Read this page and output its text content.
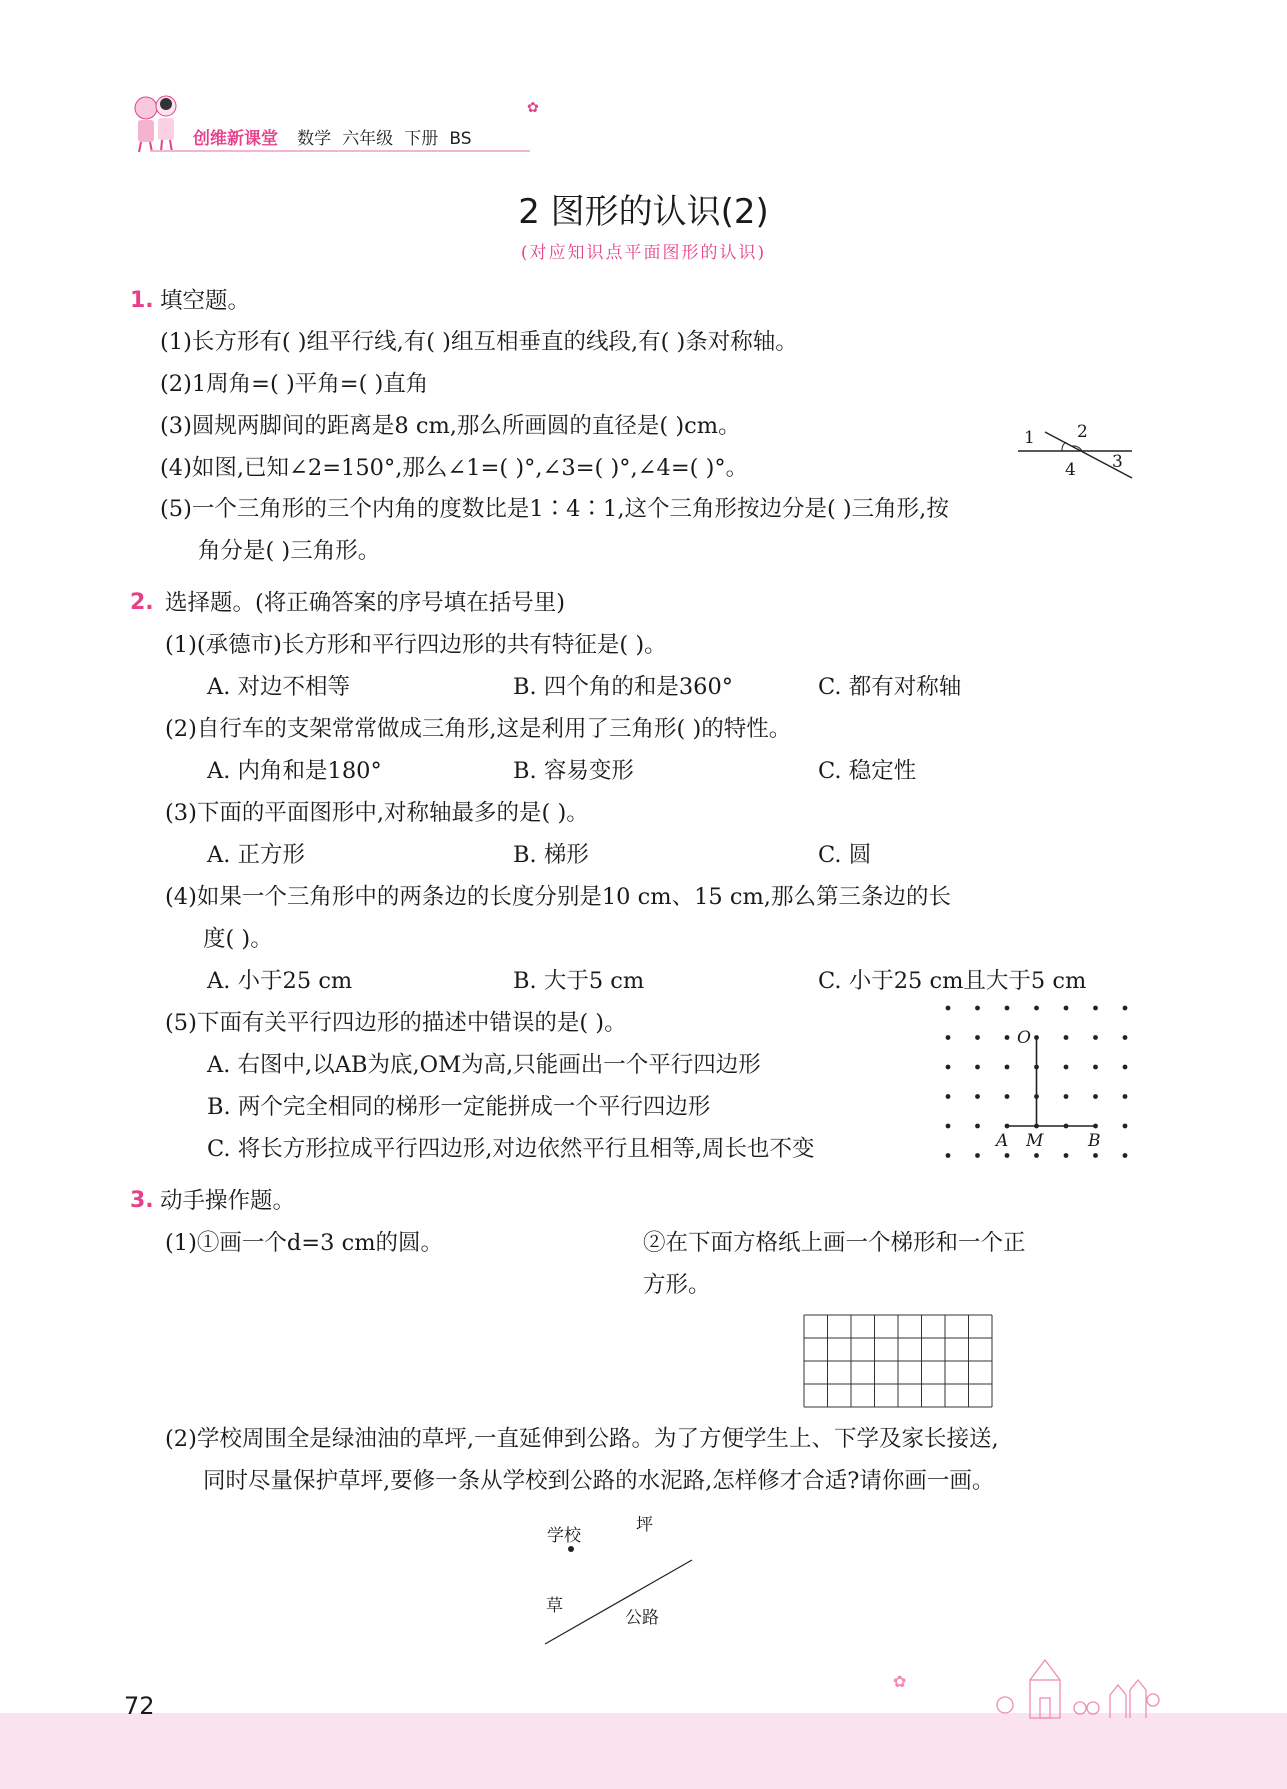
创维新课堂 数学 六年级 下册 BS
✿
2 图形的认识(2)
(对应知识点平面图形的认识)
1. 填空题。
(1)长方形有( )组平行线,有( )组互相垂直的线段,有( )条对称轴。
(2)1周角=( )平角=( )直角
(3)圆规两脚间的距离是8 cm,那么所画圆的直径是( )cm。
(4)如图,已知∠2=150°,那么∠1=( )°,∠3=( )°,∠4=( )°。
(5)一个三角形的三个内角的度数比是1∶4∶1,这个三角形按边分是( )三角形,按
角分是( )三角形。
1 2
3
4
2. 选择题。(将正确答案的序号填在括号里)
(1)(承德市)长方形和平行四边形的共有特征是( )。
A. 对边不相等	B. 四个角的和是360°	C. 都有对称轴
(2)自行车的支架常常做成三角形,这是利用了三角形( )的特性。
A. 内角和是180°	B. 容易变形	C. 稳定性
(3)下面的平面图形中,对称轴最多的是( )。
A. 正方形	B. 梯形	C. 圆
(4)如果一个三角形中的两条边的长度分别是10 cm、15 cm,那么第三条边的长
度( )。
A. 小于25 cm	B. 大于5 cm	C. 小于25 cm且大于5 cm
(5)下面有关平行四边形的描述中错误的是( )。
A. 右图中,以AB为底,OM为高,只能画出一个平行四边形
B. 两个完全相同的梯形一定能拼成一个平行四边形
C. 将长方形拉成平行四边形,对边依然平行且相等,周长也不变
O
A M	B
3. 动手操作题。
(1)①画一个d=3 cm的圆。	②在下面方格纸上画一个梯形和一个正
方形。
(2)学校周围全是绿油油的草坪,一直延伸到公路。为了方便学生上、下学及家长接送,
同时尽量保护草坪,要修一条从学校到公路的水泥路,怎样修才合适?请你画一画。
学校
坪
草
公路
72
✿
